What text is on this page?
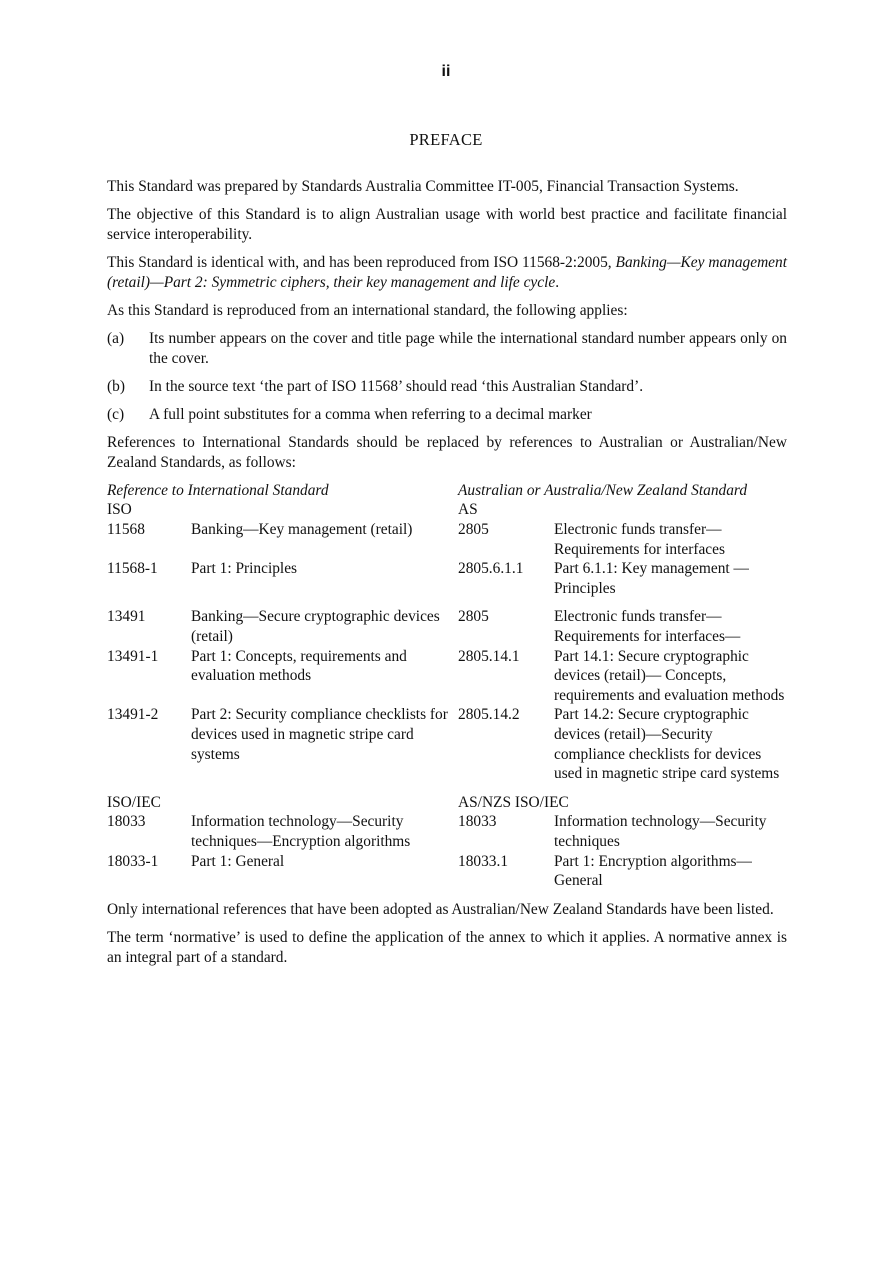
ii
PREFACE

This Standard was prepared by Standards Australia Committee IT-005, Financial Transaction Systems.

The objective of this Standard is to align Australian usage with world best practice and facilitate financial service interoperability.

This Standard is identical with, and has been reproduced from ISO 11568-2:2005, Banking—Key management (retail)—Part 2: Symmetric ciphers, their key management and life cycle.

As this Standard is reproduced from an international standard, the following applies:

(a)	Its number appears on the cover and title page while the international standard number appears only on the cover.
(b)	In the source text ‘the part of ISO 11568’ should read ‘this Australian Standard’.
(c)	A full point substitutes for a comma when referring to a decimal marker

References to International Standards should be replaced by references to Australian or Australian/New Zealand Standards, as follows:

Reference to International Standard		Australian or Australia/New Zealand Standard	
ISO		AS	
11568	Banking—Key management (retail)	2805	Electronic funds transfer—Requirements for interfaces
11568-1	Part 1: Principles	2805.6.1.1	Part 6.1.1: Key management — Principles
13491	Banking—Secure cryptographic devices (retail)	2805	Electronic funds transfer—Requirements for interfaces—
13491-1	Part 1: Concepts, requirements and evaluation methods	2805.14.1	Part 14.1: Secure cryptographic devices (retail)— Concepts, requirements and evaluation methods
13491-2	Part 2: Security compliance checklists for devices used in magnetic stripe card systems	2805.14.2	Part 14.2: Secure cryptographic devices (retail)—Security compliance checklists for devices used in magnetic stripe card systems
ISO/IEC		AS/NZS ISO/IEC	
18033	Information technology—Security techniques—Encryption algorithms	18033	Information technology—Security techniques
18033-1	Part 1: General	18033.1	Part 1: Encryption algorithms—General

Only international references that have been adopted as Australian/New Zealand Standards have been listed.

The term ‘normative’ is used to define the application of the annex to which it applies. A normative annex is an integral part of a standard.
